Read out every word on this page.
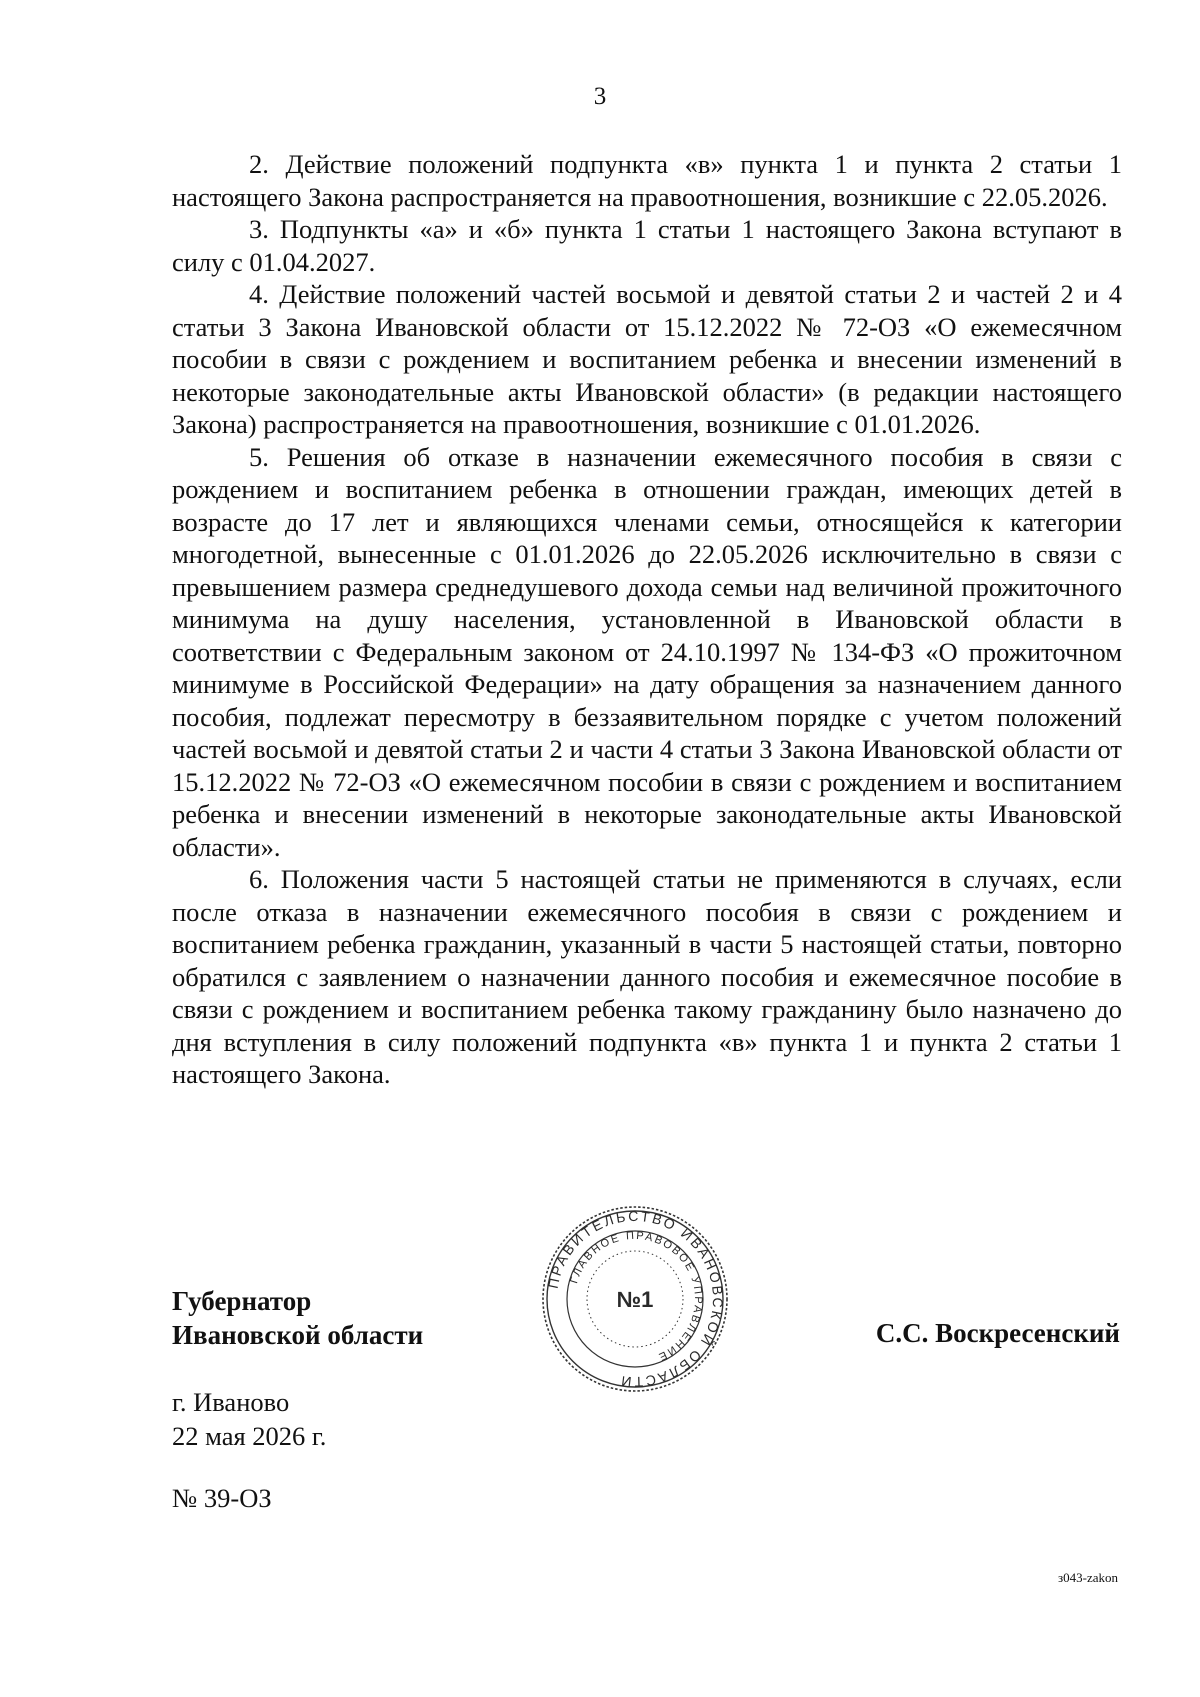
3

2. Действие положений подпункта «в» пункта 1 и пункта 2 статьи 1 настоящего Закона распространяется на правоотношения, возникшие с 22.05.2026.

3. Подпункты «а» и «б» пункта 1 статьи 1 настоящего Закона вступают в силу с 01.04.2027.

4. Действие положений частей восьмой и девятой статьи 2 и частей 2 и 4 статьи 3 Закона Ивановской области от 15.12.2022 № 72-ОЗ «О ежемесячном пособии в связи с рождением и воспитанием ребенка и внесении изменений в некоторые законодательные акты Ивановской области» (в редакции настоящего Закона) распространяется на правоотношения, возникшие с 01.01.2026.

5. Решения об отказе в назначении ежемесячного пособия в связи с рождением и воспитанием ребенка в отношении граждан, имеющих детей в возрасте до 17 лет и являющихся членами семьи, относящейся к категории многодетной, вынесенные с 01.01.2026 до 22.05.2026 исключительно в связи с превышением размера среднедушевого дохода семьи над величиной прожиточного минимума на душу населения, установленной в Ивановской области в соответствии с Федеральным законом от 24.10.1997 № 134-ФЗ «О прожиточном минимуме в Российской Федерации» на дату обращения за назначением данного пособия, подлежат пересмотру в беззаявительном порядке с учетом положений частей восьмой и девятой статьи 2 и части 4 статьи 3 Закона Ивановской области от 15.12.2022 № 72-ОЗ «О ежемесячном пособии в связи с рождением и воспитанием ребенка и внесении изменений в некоторые законодательные акты Ивановской области».

6. Положения части 5 настоящей статьи не применяются в случаях, если после отказа в назначении ежемесячного пособия в связи с рождением и воспитанием ребенка гражданин, указанный в части 5 настоящей статьи, повторно обратился с заявлением о назначении данного пособия и ежемесячное пособие в связи с рождением и воспитанием ребенка такому гражданину было назначено до дня вступления в силу положений подпункта «в» пункта 1 и пункта 2 статьи 1 настоящего Закона.

Губернатор
Ивановской области
ПРАВИТЕЛЬСТВО ИВАНОВСКОЙ ОБЛАСТИ
ГЛАВНОЕ ПРАВОВОЕ УПРАВЛЕНИЕ
№1
С.С. Воскресенский
г. Иваново
22 мая 2026 г.
№ 39-ОЗ
з043-zakon
